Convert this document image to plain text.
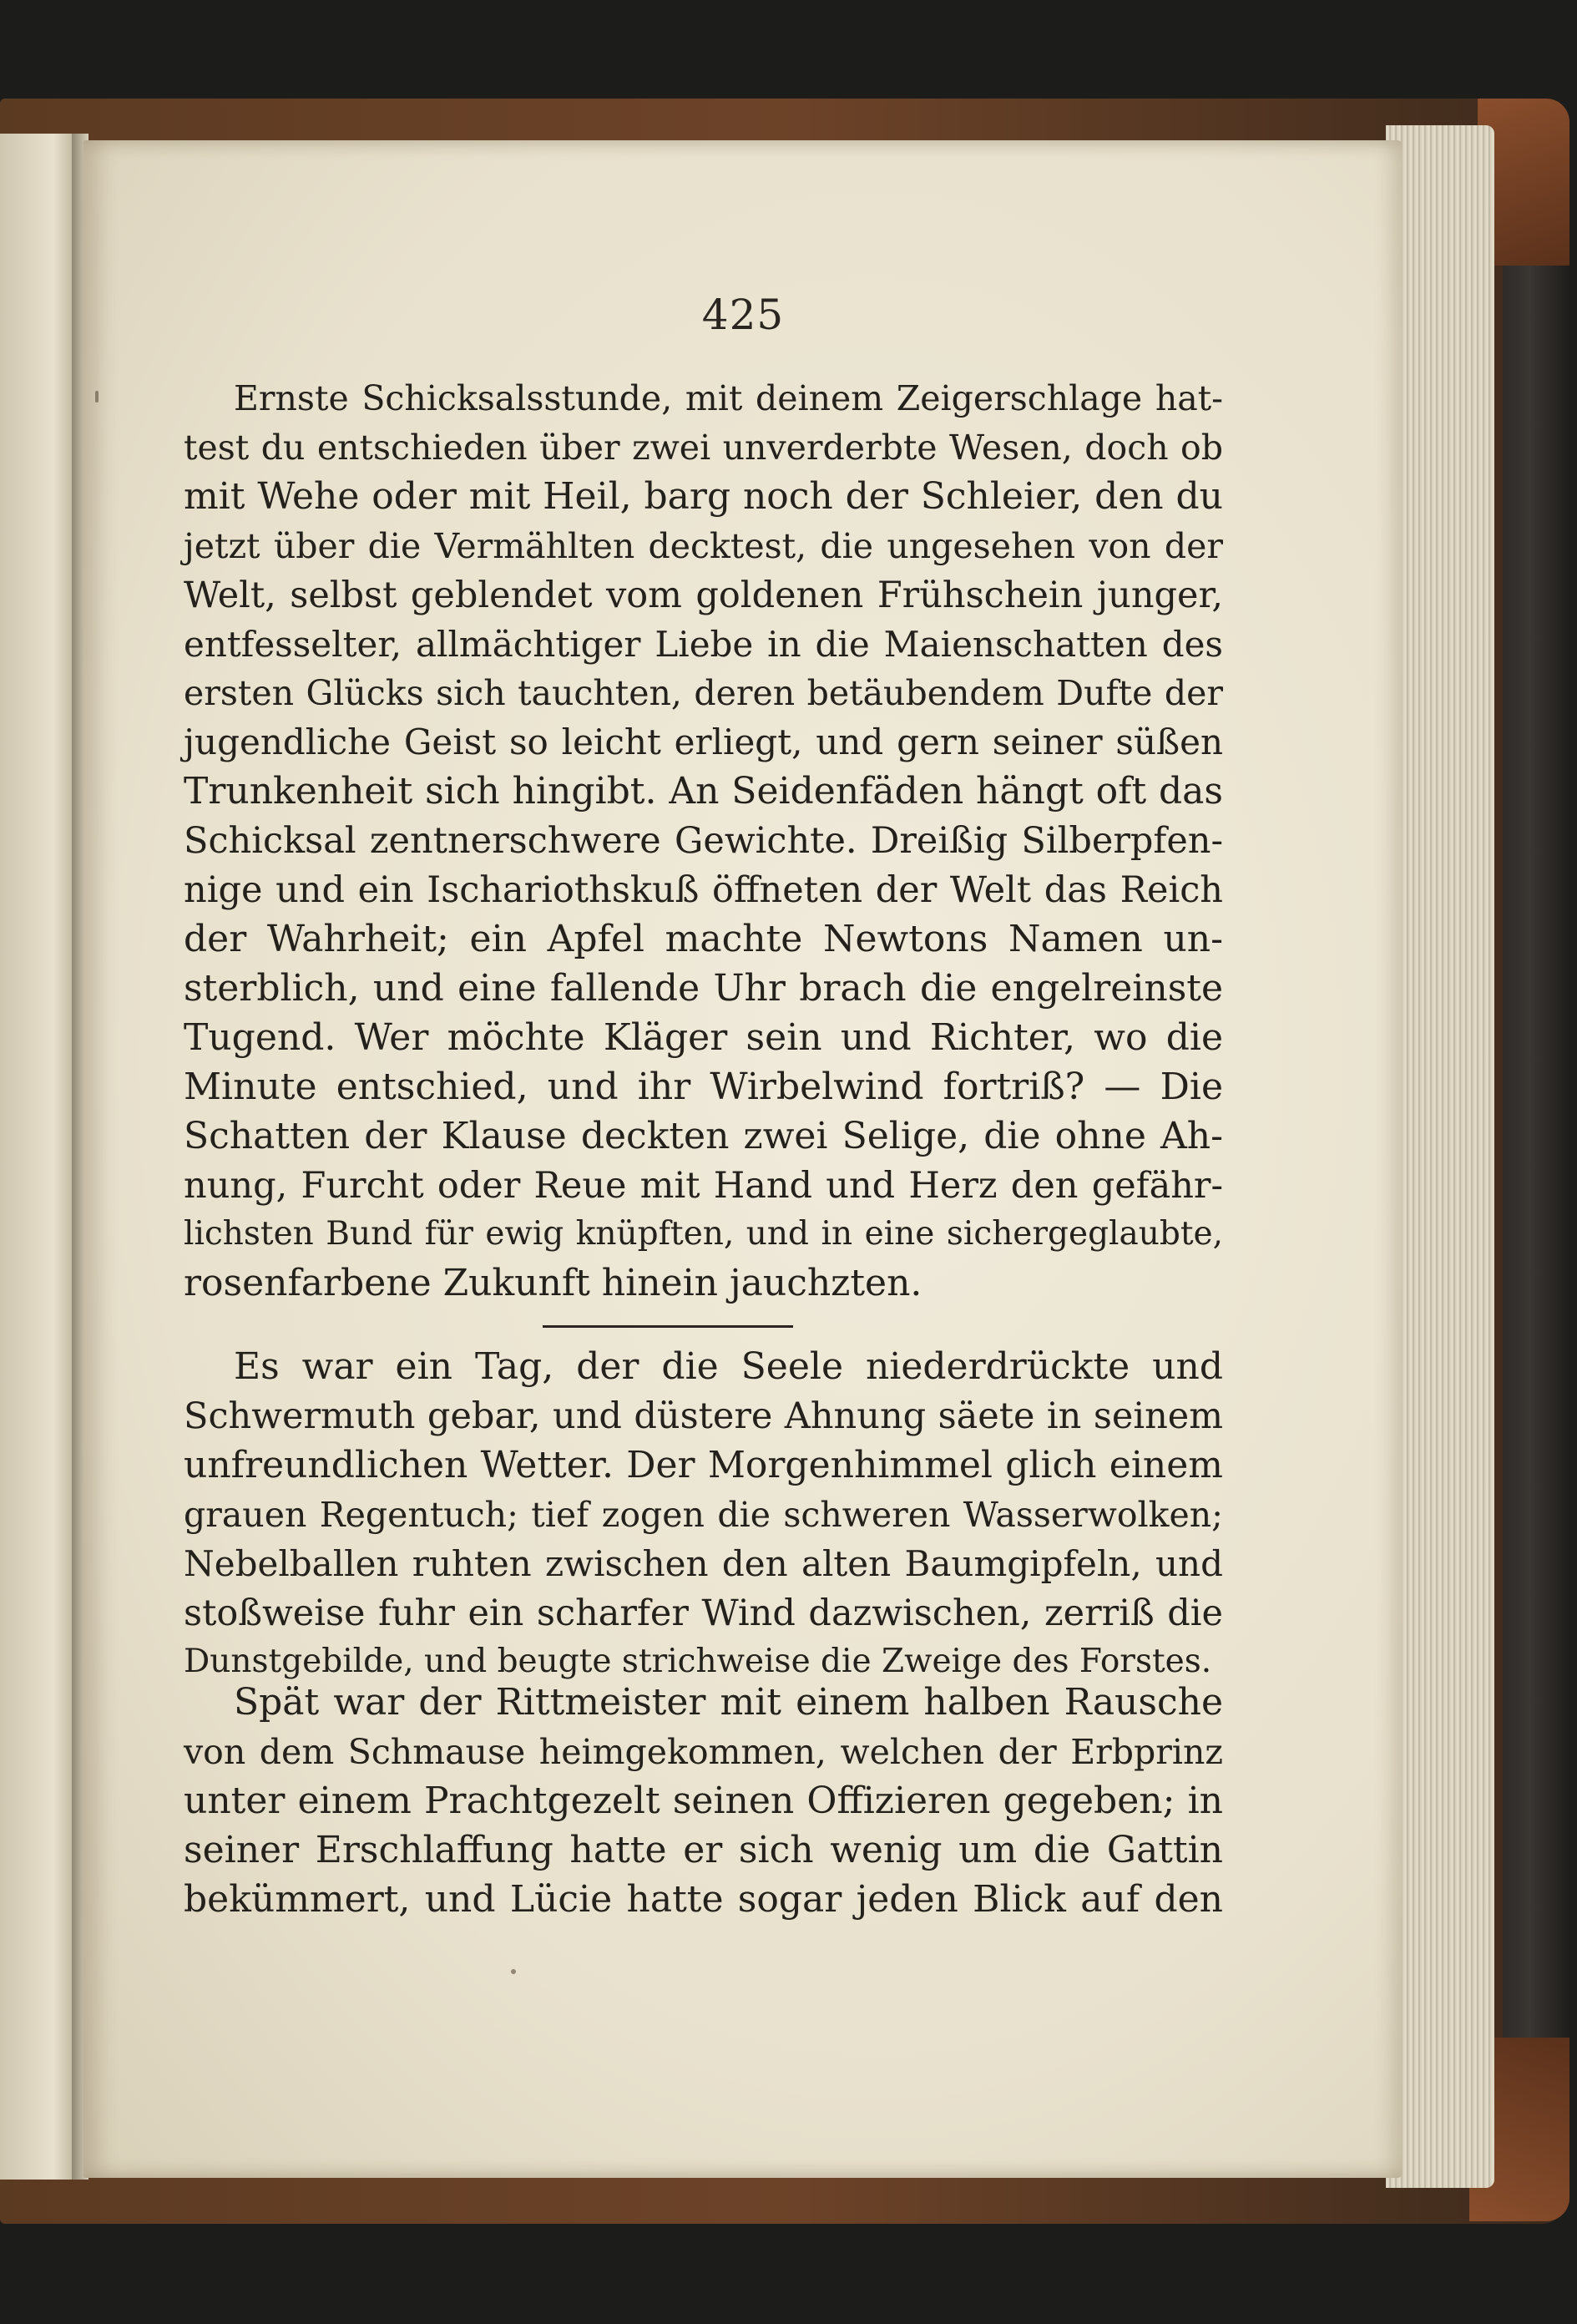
425
Ernste Schicksalsstunde, mit deinem Zeigerschlage hat-
test du entschieden über zwei unverderbte Wesen, doch ob
mit Wehe oder mit Heil, barg noch der Schleier, den du
jetzt über die Vermählten decktest, die ungesehen von der
Welt, selbst geblendet vom goldenen Frühschein junger,
entfesselter, allmächtiger Liebe in die Maienschatten des
ersten Glücks sich tauchten, deren betäubendem Dufte der
jugendliche Geist so leicht erliegt, und gern seiner süßen
Trunkenheit sich hingibt. An Seidenfäden hängt oft das
Schicksal zentnerschwere Gewichte. Dreißig Silberpfen-
nige und ein Ischariothskuß öffneten der Welt das Reich
der Wahrheit; ein Apfel machte Newtons Namen un-
sterblich, und eine fallende Uhr brach die engelreinste
Tugend. Wer möchte Kläger sein und Richter, wo die
Minute entschied, und ihr Wirbelwind fortriß? — Die
Schatten der Klause deckten zwei Selige, die ohne Ah-
nung, Furcht oder Reue mit Hand und Herz den gefähr-
lichsten Bund für ewig knüpften, und in eine sichergeglaubte,
rosenfarbene Zukunft hinein jauchzten.
Es war ein Tag, der die Seele niederdrückte und
Schwermuth gebar, und düstere Ahnung säete in seinem
unfreundlichen Wetter. Der Morgenhimmel glich einem
grauen Regentuch; tief zogen die schweren Wasserwolken;
Nebelballen ruhten zwischen den alten Baumgipfeln, und
stoßweise fuhr ein scharfer Wind dazwischen, zerriß die
Dunstgebilde, und beugte strichweise die Zweige des Forstes.
Spät war der Rittmeister mit einem halben Rausche
von dem Schmause heimgekommen, welchen der Erbprinz
unter einem Prachtgezelt seinen Offizieren gegeben; in
seiner Erschlaffung hatte er sich wenig um die Gattin
bekümmert, und Lücie hatte sogar jeden Blick auf den
